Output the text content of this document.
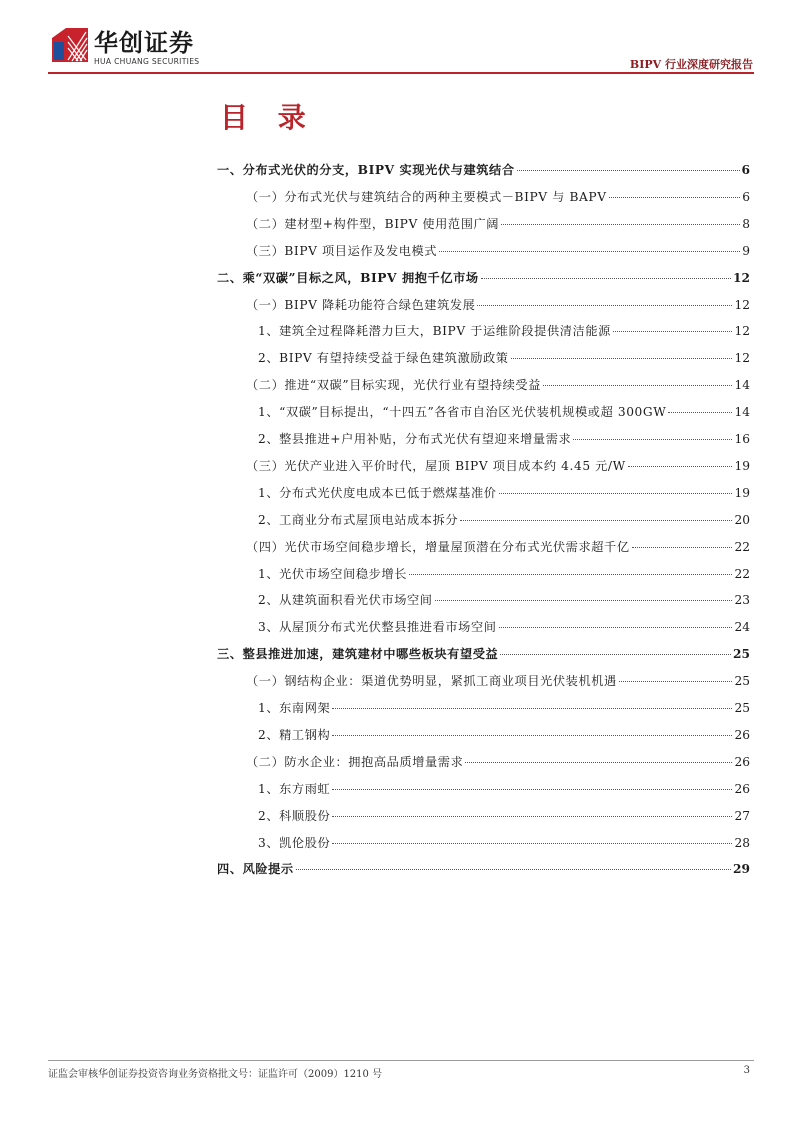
华创证券
HUA CHUANG SECURITIES	BIPV 行业深度研究报告
目 录
一、分布式光伏的分支，BIPV 实现光伏与建筑结合	6
（一）分布式光伏与建筑结合的两种主要模式－BIPV 与 BAPV	6
（二）建材型+构件型，BIPV 使用范围广阔	8
（三）BIPV 项目运作及发电模式	9
二、乘“双碳”目标之风，BIPV 拥抱千亿市场	12
（一）BIPV 降耗功能符合绿色建筑发展	12
1、建筑全过程降耗潜力巨大，BIPV 于运维阶段提供清洁能源	12
2、BIPV 有望持续受益于绿色建筑激励政策	12
（二）推进“双碳”目标实现，光伏行业有望持续受益	14
1、“双碳”目标提出，“十四五”各省市自治区光伏装机规模或超 300GW	14
2、整县推进+户用补贴，分布式光伏有望迎来增量需求	16
（三）光伏产业进入平价时代，屋顶 BIPV 项目成本约 4.45 元/W	19
1、分布式光伏度电成本已低于燃煤基准价	19
2、工商业分布式屋顶电站成本拆分	20
（四）光伏市场空间稳步增长，增量屋顶潜在分布式光伏需求超千亿	22
1、光伏市场空间稳步增长	22
2、从建筑面积看光伏市场空间	23
3、从屋顶分布式光伏整县推进看市场空间	24
三、整县推进加速，建筑建材中哪些板块有望受益	25
（一）钢结构企业：渠道优势明显，紧抓工商业项目光伏装机机遇	25
1、东南网架	25
2、精工钢构	26
（二）防水企业：拥抱高品质增量需求	26
1、东方雨虹	26
2、科顺股份	27
3、凯伦股份	28
四、风险提示	29
证监会审核华创证券投资咨询业务资格批文号：证监许可（2009）1210 号	3
